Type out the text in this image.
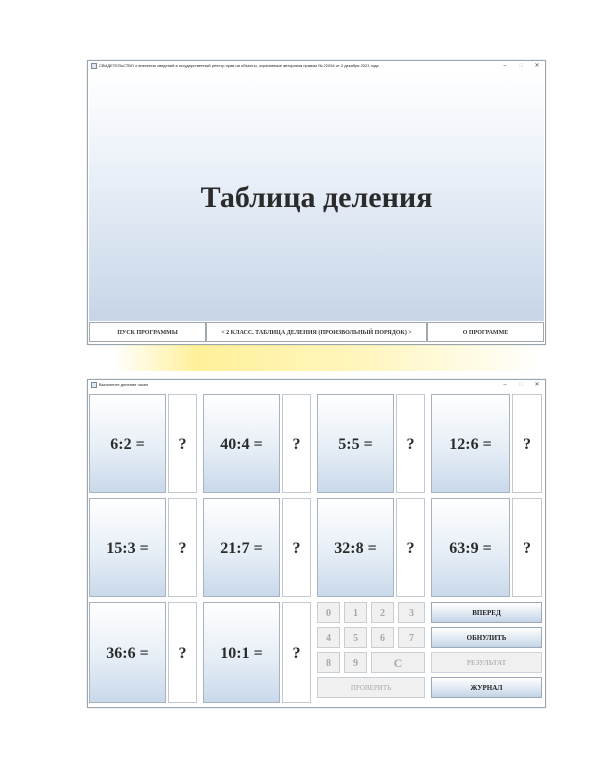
СВИДЕТЕЛЬСТВО о внесении сведений в государственный реестр прав на объекты, охраняемые авторским правом № 22094 от 2 декабря 2021 года	–	□	✕
Таблица деления
ПУСК ПРОГРАММЫ	< 2 КЛАСС. ТАБЛИЦА ДЕЛЕНИЯ (ПРОИЗВОЛЬНЫЙ ПОРЯДОК) >	О ПРОГРАММЕ
Выполните деление чисел	–	□	✕
6:2 =	?	40:4 =	?	5:5 =	?	12:6 =	?
15:3 =	?	21:7 =	?	32:8 =	?	63:9 =	?
36:6 =	?	10:1 =	?
0	1	2	3
4	5	6	7
8	9	C
ПРОВЕРИТЬ
ВПЕРЕД
ОБНУЛИТЬ
РЕЗУЛЬТАТ
ЖУРНАЛ
